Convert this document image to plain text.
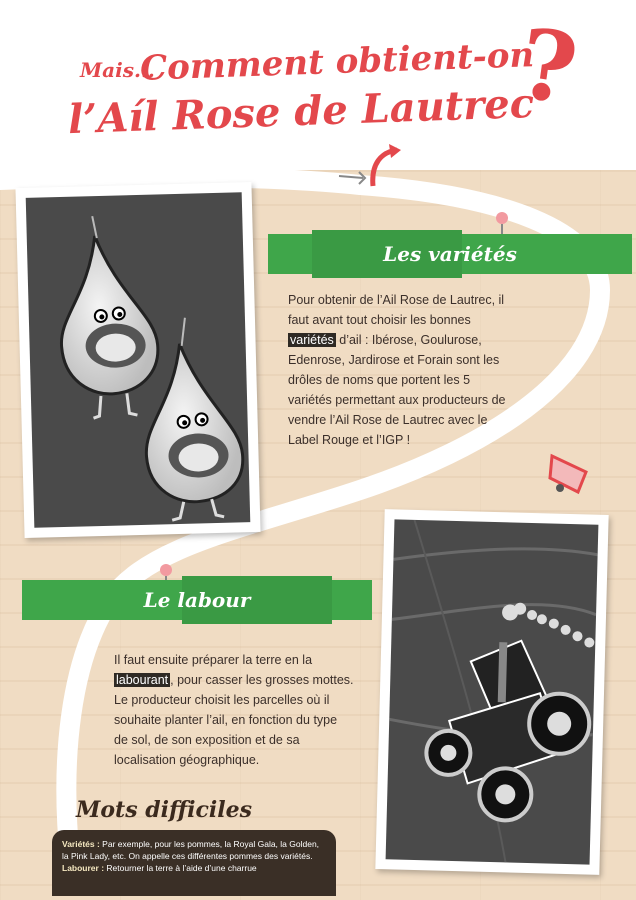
Mais...
Comment obtient-on
l’Aíl Rose de Lautrec
?
Les variétés
Le labour
Pour obtenir de l’Ail Rose de Lautrec, il faut avant tout choisir les bonnes variétés d’ail : Ibérose, Goulurose, Edenrose, Jardirose et Forain sont les drôles de noms que portent les 5 variétés permettant aux producteurs de vendre l’Ail Rose de Lautrec avec le Label Rouge et l’IGP !
Il faut ensuite préparer la terre en la labourant , pour casser les grosses mottes. Le producteur choisit les parcelles où il souhaite planter l’ail, en fonction du type de sol, de son exposition et de sa localisation géographique.
Mots difficiles
Variétés : Par exemple, pour les pommes, la Royal Gala, la Golden, la Pink Lady, etc. On appelle ces différentes pommes des variétés.
Labourer : Retourner la terre à l’aide d’une charrue
